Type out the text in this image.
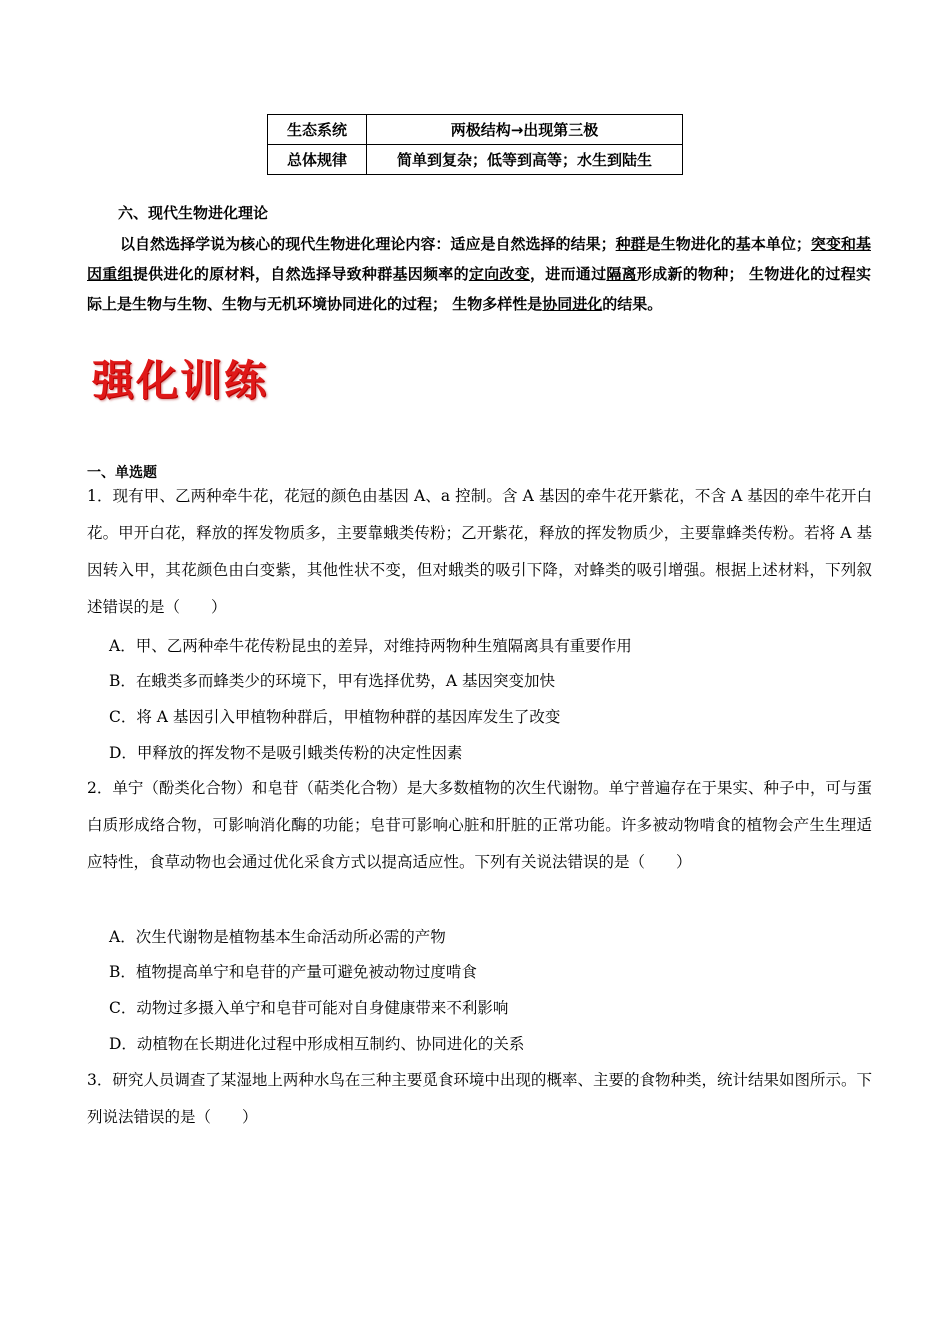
生态系统	两极结构→出现第三极
总体规律	简单到复杂；低等到高等；水生到陆生
六、现代生物进化理论
以自然选择学说为核心的现代生物进化理论内容：适应是自然选择的结果；种群是生物进化的基本单位；突变和基因重组提供进化的原材料，自然选择导致种群基因频率的定向改变，进而通过隔离形成新的物种； 生物进化的过程实际上是生物与生物、生物与无机环境协同进化的过程； 生物多样性是协同进化的结果。
强化训练
一、单选题
1．现有甲、乙两种牵牛花，花冠的颜色由基因 A、a 控制。含 A 基因的牵牛花开紫花，不含 A 基因的牵牛花开白花。甲开白花，释放的挥发物质多，主要靠蛾类传粉；乙开紫花，释放的挥发物质少，主要靠蜂类传粉。若将 A 基因转入甲，其花颜色由白变紫，其他性状不变，但对蛾类的吸引下降，对蜂类的吸引增强。根据上述材料，下列叙述错误的是（　　）
A．甲、乙两种牵牛花传粉昆虫的差异，对维持两物种生殖隔离具有重要作用
B．在蛾类多而蜂类少的环境下，甲有选择优势，A 基因突变加快
C．将 A 基因引入甲植物种群后，甲植物种群的基因库发生了改变
D．甲释放的挥发物不是吸引蛾类传粉的决定性因素
2．单宁（酚类化合物）和皂苷（萜类化合物）是大多数植物的次生代谢物。单宁普遍存在于果实、种子中，可与蛋白质形成络合物，可影响消化酶的功能；皂苷可影响心脏和肝脏的正常功能。许多被动物啃食的植物会产生生理适应特性，食草动物也会通过优化采食方式以提高适应性。下列有关说法错误的是（　　）
A．次生代谢物是植物基本生命活动所必需的产物
B．植物提高单宁和皂苷的产量可避免被动物过度啃食
C．动物过多摄入单宁和皂苷可能对自身健康带来不利影响
D．动植物在长期进化过程中形成相互制约、协同进化的关系
3．研究人员调查了某湿地上两种水鸟在三种主要觅食环境中出现的概率、主要的食物种类，统计结果如图所示。下列说法错误的是（　　）
